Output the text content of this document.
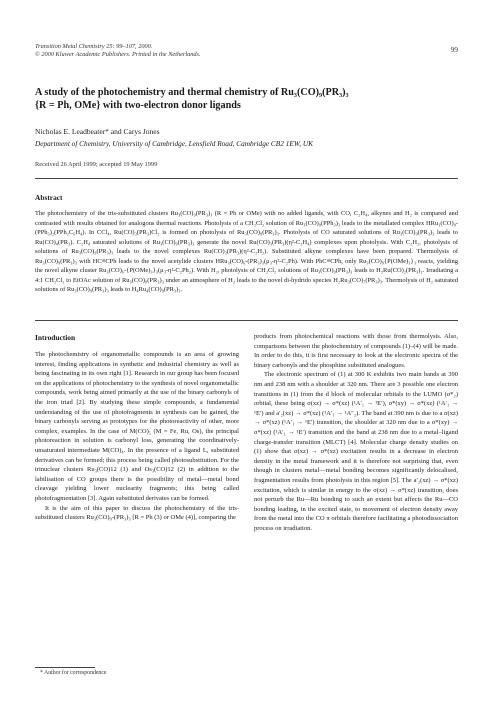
Transition Metal Chemistry 25: 99–107, 2000.
© 2000 Kluwer Academic Publishers. Printed in the Netherlands.
99
A study of the photochemistry and thermal chemistry of Ru₃(CO)₉(PR₃)₃
{R = Ph, OMe} with two-electron donor ligands
Nicholas E. Leadbeater* and Carys Jones
Department of Chemistry, University of Cambridge, Lensfield Road, Cambridge CB2 1EW, UK
Received 26 April 1999; accepted 19 May 1999
Abstract
The photochemistry of the tris-substituted clusters Ru₃(CO)₉(PR₃)₃ (R = Ph or OMe) with no added ligands, with CO, C₂H₄, alkynes and H₂ is compared and contrasted with results obtained for analogous thermal reactions. Photolysis of a CH₂Cl₂ solution of Ru₃(CO)₉(PPh₃)₃ leads to the metallated complex HRu₃(CO)₉-(PPh₃)₂(PPh₂C₆H₄). In CCl₄, Ru(CO)₃(PR₃)Cl₂ is formed on photolysis of Ru₃(CO)₉(PR₃)₃. Photolysis of CO saturated solutions of Ru₃(CO)₉(PR₃)₃ leads to Ru(CO)₄(PR₃). C₂H₄ saturated solutions of Ru₃(CO)₉(PR₃)₃ generate the novel Ru(CO)₃(PR₃)(η²-C₂H₄) complexes upon photolysis. With C₂H₂, photolysis of solutions of Ru₃(CO)₉(PR₃)₃ leads to the novel complexes Ru(CO)₃(PR₃)(η²-C₂H₂). Substituted alkyne complexes have been prepared. Thermolysis of Ru₃(CO)₉(PR₃)₃ with HC≡CPh leads to the novel acetylide clusters HRu₃(CO)₆-(PR₃)₃(μ₃-η²-C₂Ph). With PhC≡CPh, only Ru₃(CO)₉{P(OMe)₃}₃ reacts, yielding the novel alkyne cluster Ru₃(CO)₆-{P(OMe)₃}₃(μ₃-η²-C₂Ph₂). With H₂, photolysis of CH₂Cl₂ solutions of Ru₃(CO)₉(PR₃)₃ leads to H₂Ru(CO)₂(PR₃)₂. Irradiating a 4:1 CH₂Cl₂ to EtOAc solution of Ru₃(CO)₉(PR₃)₃ under an atmosphere of H₂ leads to the novel di-hydrido species H₂Ru₃(CO)₇(PR₃)₃. Thermolysis of H₂ saturated solutions of Ru₃(CO)₉(PR₃)₃ leads to H₄Ru₄(CO)₉(PR₃)₃.
Introduction

The photochemistry of organometallic compounds is an area of growing interest, finding applications in synthetic and industrial chemistry as well as being fascinating in its own right [1]. Research in our group has been focused on the applications of photochemistry to the synthesis of novel organometallic compounds, work being aimed primarily at the use of the binary carbonyls of the iron triad [2]. By studying these simple compounds, a fundamental understanding of the use of photofragments in synthesis can be gained, the binary carbonyls serving as prototypes for the photoreactivity of other, more complex, examples. In the case of M(CO)₅ (M = Fe, Ru, Os), the principal photoreaction in solution is carbonyl loss, generating the coordinatively-unsaturated intermediate M(CO)₄. In the presence of a ligand L, substituted derivatives can be formed; this process being called photosubstitution. For the trinuclear clusters Ru₃(CO)12 (1) and Os₃(CO)12 (2) in addition to the labilisation of CO groups there is the possibility of metal—metal bond cleavage yielding lower nuclearity fragments; this being called photofragmentation [3]. Again substituted derivates can be formed.

It is the aim of this paper to discuss the photochemistry of the tris-substituted clusters Ru₃(CO)₉-(PR₃)₃ [R = Ph (3) or OMe (4)], comparing the

products from photochemical reactions with those from thermolysis. Also, comparisons between the photochemistry of compounds (1)–(4) will be made. In order to do this, it is first necessary to look at the electronic spectra of the binary carbonyls and the phosphine substituted analogues.

The electronic spectrum of (1) at 300 K exhibits two main bands at 390 nm and 238 nm with a shoulder at 320 nm. There are 3 possible one electron transitions in (1) from the d block of molecular orbitals to the LUMO (σ*₂) orbital, these being σ(xz) → σ*(xz) (¹A′₁ → ¹E′), σ*(xy) → σ*(xz) (¹A′₁ → ¹E′) and a′₂(xz) → σ*(xz) (¹A′₁ → ¹A″₂). The band at 390 nm is due to a σ(xz) → σ*(xz) (¹A′₁ → ¹E′) transition, the shoulder at 320 nm due to a σ*(xy) → σ*(xz) (¹A′₁ → ¹E′) transition and the band at 238 nm due to a metal–ligand charge-transfer transition (MLCT) [4]. Molecular charge density studies on (1) show that σ(xz) → σ*(xz) excitation results in a decrease in electron density in the metal framework and it is therefore not surprising that, even though in clusters metal—metal bonding becomes significantly delocalised, fragmentation results from photolysis in this region [5]. The a′₂(xz) → σ*(xz) excitation, which is similar in energy to the σ(xz) → σ*(xz) transition, does not perturb the Ru—Ru bonding to such an extent but affects the Ru—CO bonding leading, in the excited state, to movement of electron density away from the metal into the CO π orbitals therefore facilitating a photodissociation process on irradiation.

* Author for correspondence
